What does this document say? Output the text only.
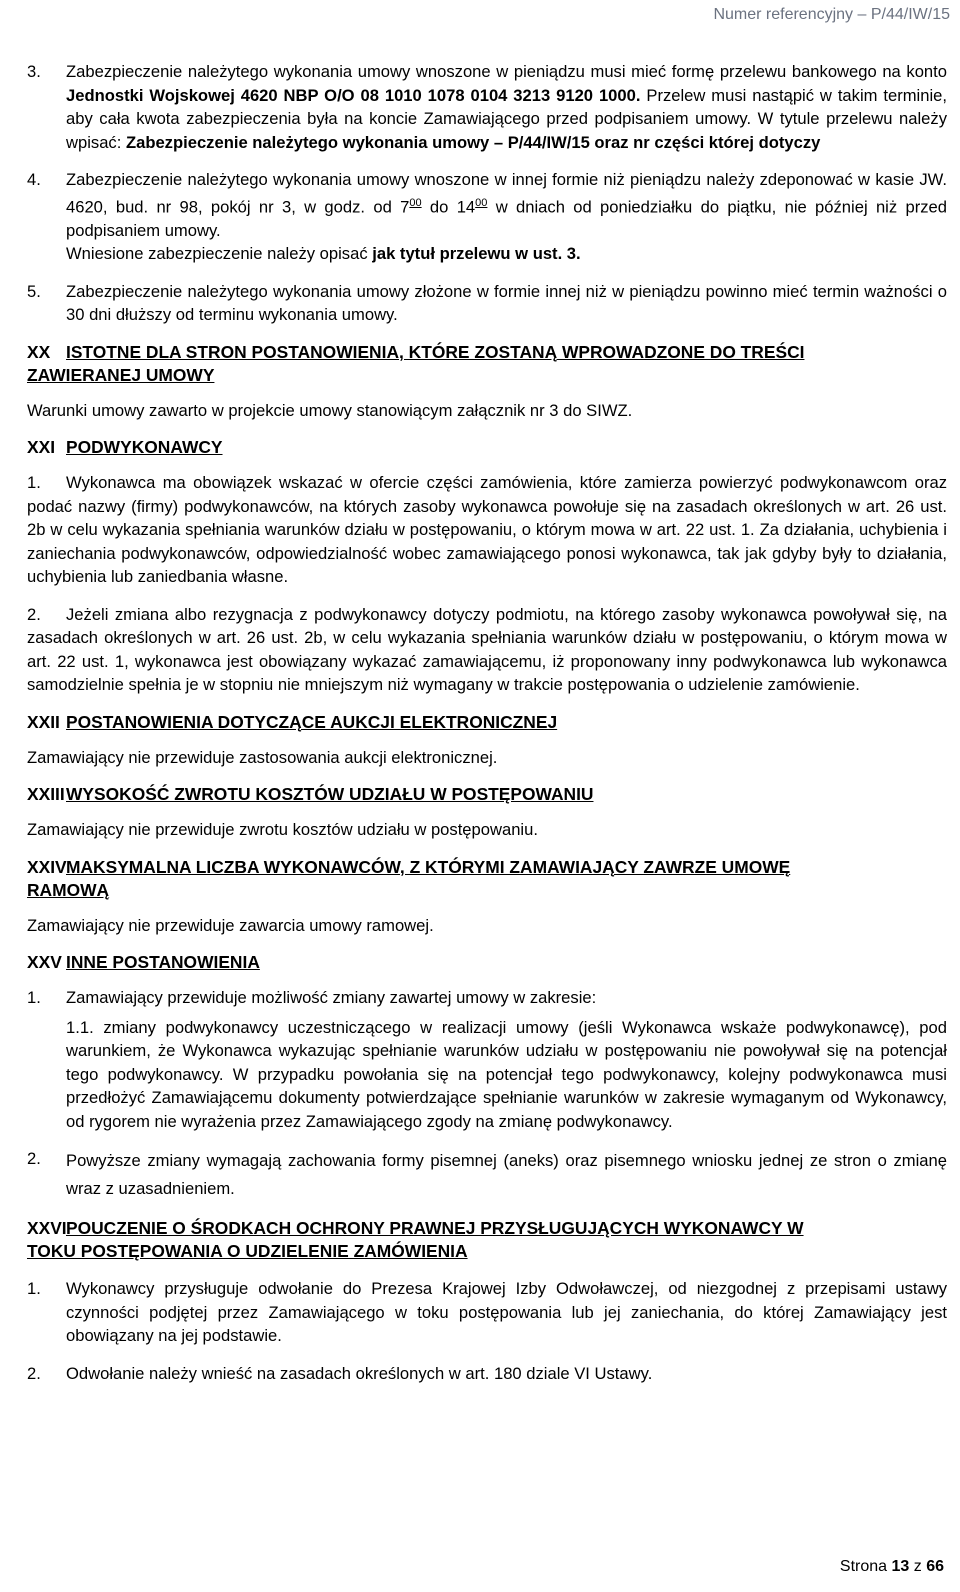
Numer referencyjny – P/44/IW/15
3.	Zabezpieczenie należytego wykonania umowy wnoszone w pieniądzu musi mieć formę przelewu bankowego na konto Jednostki Wojskowej 4620 NBP O/O 08 1010 1078 0104 3213 9120 1000. Przelew musi nastąpić w takim terminie, aby cała kwota zabezpieczenia była na koncie Zamawiającego przed podpisaniem umowy. W tytule przelewu należy wpisać: Zabezpieczenie należytego wykonania umowy – P/44/IW/15 oraz nr części której dotyczy
4.	Zabezpieczenie należytego wykonania umowy wnoszone w innej formie niż pieniądzu należy zdeponować w kasie JW. 4620, bud. nr 98, pokój nr 3, w godz. od $7^{00}$ do $14^{00}$ w dniach od poniedziałku do piątku, nie później niż przed podpisaniem umowy.
Wniesione zabezpieczenie należy opisać jak tytuł przelewu w ust. 3.
5.	Zabezpieczenie należytego wykonania umowy złożone w formie innej niż w pieniądzu powinno mieć termin ważności o 30 dni dłuższy od terminu wykonania umowy.
XX ISTOTNE DLA STRON POSTANOWIENIA, KTÓRE ZOSTANĄ WPROWADZONE DO TREŚCI
ZAWIERANEJ UMOWY
Warunki umowy zawarto w projekcie umowy stanowiącym załącznik nr 3 do SIWZ.
XXI PODWYKONAWCY
1.	Wykonawca ma obowiązek wskazać w ofercie części zamówienia, które zamierza powierzyć podwykonawcom oraz podać nazwy (firmy) podwykonawców, na których zasoby wykonawca powołuje się na zasadach określonych w art. 26 ust. 2b w celu wykazania spełniania warunków działu w postępowaniu, o którym mowa w art. 22 ust. 1. Za działania, uchybienia i zaniechania podwykonawców, odpowiedzialność wobec zamawiającego ponosi wykonawca, tak jak gdyby były to działania, uchybienia lub zaniedbania własne.
2.	Jeżeli zmiana albo rezygnacja z podwykonawcy dotyczy podmiotu, na którego zasoby wykonawca powoływał się, na zasadach określonych w art. 26 ust. 2b, w celu wykazania spełniania warunków działu w postępowaniu, o którym mowa w art. 22 ust. 1, wykonawca jest obowiązany wykazać zamawiającemu, iż proponowany inny podwykonawca lub wykonawca samodzielnie spełnia je w stopniu nie mniejszym niż wymagany w trakcie postępowania o udzielenie zamówienie.
XXII POSTANOWIENIA DOTYCZĄCE AUKCJI ELEKTRONICZNEJ
Zamawiający nie przewiduje zastosowania aukcji elektronicznej.
XXIII WYSOKOŚĆ ZWROTU KOSZTÓW UDZIAŁU W POSTĘPOWANIU
Zamawiający nie przewiduje zwrotu kosztów udziału w postępowaniu.
XXIV MAKSYMALNA LICZBA WYKONAWCÓW, Z KTÓRYMI ZAMAWIAJĄCY ZAWRZE UMOWĘ
RAMOWĄ
Zamawiający nie przewiduje zawarcia umowy ramowej.
XXV INNE POSTANOWIENIA
1.	Zamawiający przewiduje możliwość zmiany zawartej umowy w zakresie:
1.1. zmiany podwykonawcy uczestniczącego w realizacji umowy (jeśli Wykonawca wskaże podwykonawcę), pod warunkiem, że Wykonawca wykazując spełnianie warunków udziału w postępowaniu nie powoływał się na potencjał tego podwykonawcy. W przypadku powołania się na potencjał tego podwykonawcy, kolejny podwykonawca musi przedłożyć Zamawiającemu dokumenty potwierdzające spełnianie warunków w zakresie wymaganym od Wykonawcy, od rygorem nie wyrażenia przez Zamawiającego zgody na zmianę podwykonawcy.
2.	Powyższe zmiany wymagają zachowania formy pisemnej (aneks) oraz pisemnego wniosku jednej ze stron o zmianę wraz z uzasadnieniem.
XXVI POUCZENIE O ŚRODKACH OCHRONY PRAWNEJ PRZYSŁUGUJĄCYCH WYKONAWCY W
TOKU POSTĘPOWANIA O UDZIELENIE ZAMÓWIENIA
1.	Wykonawcy przysługuje odwołanie do Prezesa Krajowej Izby Odwoławczej, od niezgodnej z przepisami ustawy czynności podjętej przez Zamawiającego w toku postępowania lub jej zaniechania, do której Zamawiający jest obowiązany na jej podstawie.
2.	Odwołanie należy wnieść na zasadach określonych w art. 180 dziale VI Ustawy.
Strona 13 z 66
